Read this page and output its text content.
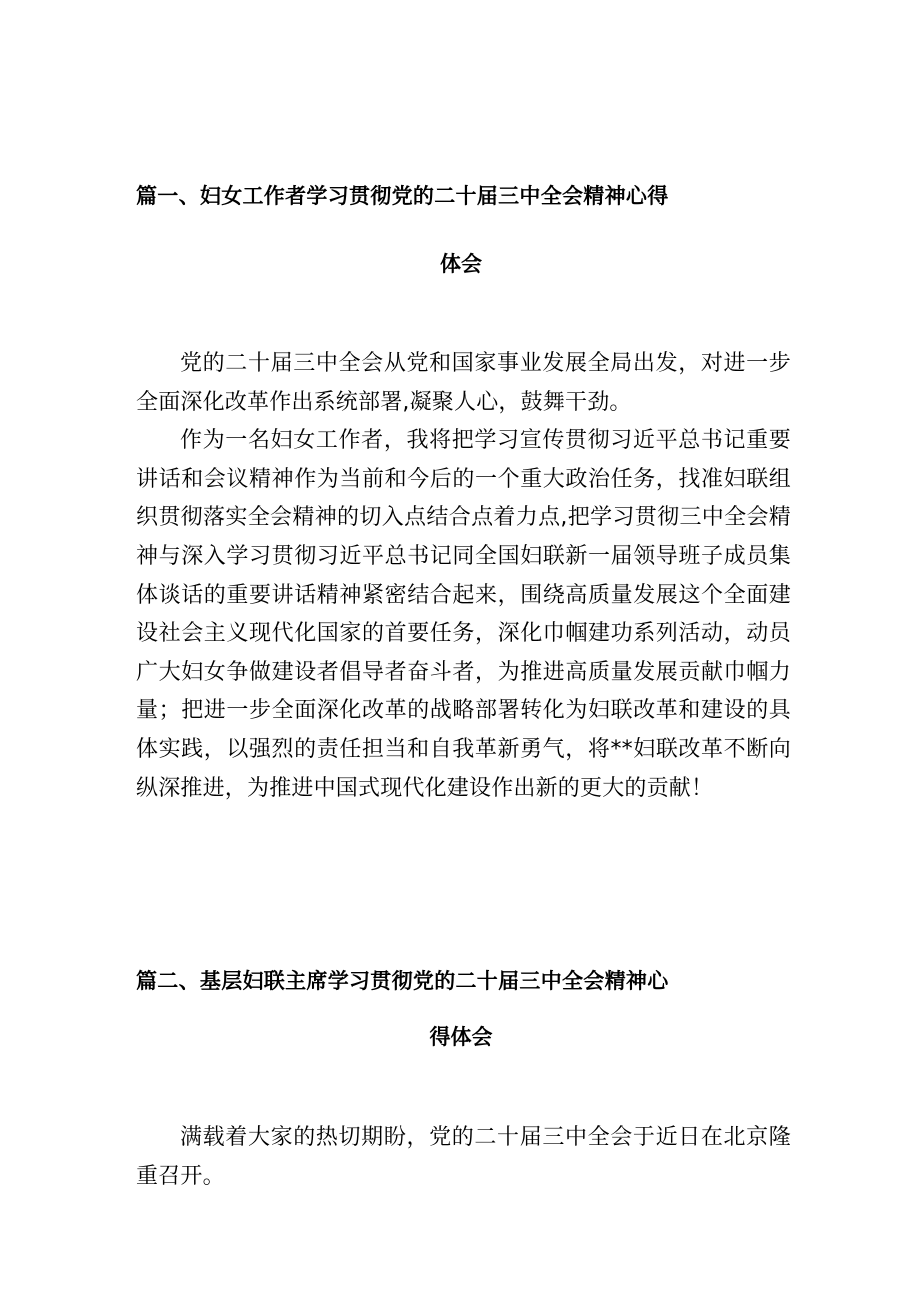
篇一、妇女工作者学习贯彻党的二十届三中全会精神心得
体会

党的二十届三中全会从党和国家事业发展全局出发，对进一步全面深化改革作出系统部署,凝聚人心，鼓舞干劲。

作为一名妇女工作者，我将把学习宣传贯彻习近平总书记重要讲话和会议精神作为当前和今后的一个重大政治任务，找准妇联组织贯彻落实全会精神的切入点结合点着力点,把学习贯彻三中全会精神与深入学习贯彻习近平总书记同全国妇联新一届领导班子成员集体谈话的重要讲话精神紧密结合起来，围绕高质量发展这个全面建设社会主义现代化国家的首要任务，深化巾帼建功系列活动，动员广大妇女争做建设者倡导者奋斗者，为推进高质量发展贡献巾帼力量；把进一步全面深化改革的战略部署转化为妇联改革和建设的具体实践，以强烈的责任担当和自我革新勇气，将**妇联改革不断向纵深推进，为推进中国式现代化建设作出新的更大的贡献！

篇二、基层妇联主席学习贯彻党的二十届三中全会精神心
得体会

满载着大家的热切期盼，党的二十届三中全会于近日在北京隆重召开。
